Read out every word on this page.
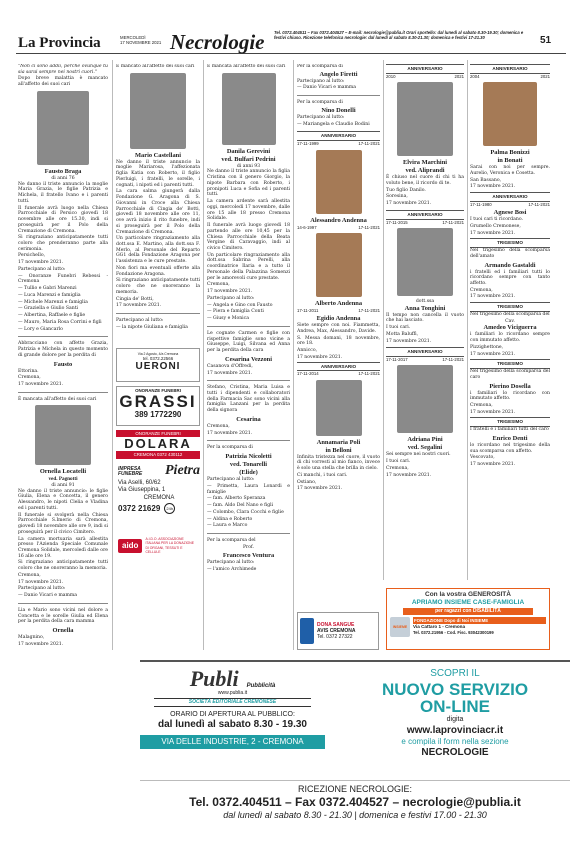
La Provincia	MERCOLEDÌ
17 NOVEMBRE 2021 Necrologie Tel. 0372.404511 – Fax 0372.404527 – E-mail: necrologie@publia.it Orari sportello: dal lunedì al sabato 8.30-19.30; domenica e festivi chiuso. Ricezione telefonica necrologie: dal lunedì al sabato 8.30-21.30; domenica e festivi 17-21.30	51

"Non ci sono addii, perché ovunque tu sia sarai sempre nei nostri cuori."

Dopo breve malattia è mancato all'affetto dei suoi cari

Fausto Braga
di anni 76

Ne danno il triste annuncio la moglie Maria Grazia, le figlie Patrizia e Michela, il fratello Ivano e i parenti tutti.

Il funerale avrà luogo nella Chiesa Parrocchiale di Persico giovedì 18 novembre alle ore 15.30, indi si proseguirà per il Polo della Cremazione di Cremona.

Si ringraziano anticipatamente tutti coloro che prenderanno parte alla cerimonia.

Persichello,

17 novembre 2021.

Partecipano al lutto:

— Onoranze Funebri Rebessi - Cremona

— Tullio e Gabri Marenzi

— Luca Marenzi e famiglia

— Michele Marenzi e famiglia

— Graziella e Giulio Santi

— Albertina, Raffaele e figlie

— Mauro, Maria Rosa Corrini e figli

— Lory e Giancarlo

Abbracciano con affetto Grazia, Patrizia e Michela in questo momento di grande dolore per la perdita di

Fausto

Ettorina.

Cremona,

17 novembre 2021.

È mancata all'affetto dei suoi cari

Ornella Locatelli
ved. Pagnotti
di anni 91

Ne danno il triste annuncio: le figlie Giulia, Elena e Concetta, il genero Alessandro, le nipoti Clelia e Vladina ed i parenti tutti.

Il funerale si svolgerà nella Chiesa Parrocchiale S.Imerio di Cremona, giovedì 18 novembre alle ore 9, indi si proseguirà per il civico Cimitero.

La camera mortuaria sarà allestita presso l'Azienda Speciale Comunale Cremona Solidale, mercoledì dalle ore 16 alle ore 19.

Si ringraziano anticipatamente tutti coloro che ne onoreranno la memoria.

Cremona,

17 novembre 2021.

Partecipano al lutto:

— Danio Vicari e mamma

Lia e Mario sono vicini nel dolore a Concetta e le sorelle Giulia ed Elena per la perdita della cara mamma

Ornella

Malagnino,

17 novembre 2021.

È mancato all'affetto dei suoi cari

Mario Castellani

Ne danno il triste annuncio la moglie Mariarosa, l'affezionata figlia Katia con Roberto, il figlio Pierluigi, i fratelli, le sorelle, i cognati, i nipoti ed i parenti tutti.

La cara salma giungerà dalla Fondazione G. Aragona di S. Giovanni in Croce alla Chiesa Parrocchiale di Cingia de' Botti, giovedì 18 novembre alle ore 11, ove avrà inizio il rito funebre, indi si proseguirà per il Polo della Cremazione di Cremona.

Un particolare ringraziamento alla dott.ssa E. Martino, alla dott.ssa F. Merlo, al Personale del Reparto GG1 della Fondazione Aragona per l'assistenza e le cure prestate.

Non fiori ma eventuali offerte alla Fondazione Aragona.

Si ringraziano anticipatamente tutti coloro che ne onoreranno la memoria.

Cingia de' Botti,

17 novembre 2021.

Partecipano al lutto:

— la nipote Giuliana e famiglia

Via 2 Agosto, 4/a Cremona
tel. 0372.22566
UERONI
ONORANZE FUNEBRI
GRASSI
389 1772290
ONORANZE FUNEBRI
DOLARA
CREMONA 0372 430112
IMPRESA FUNEBRE	Pietra
Via Aselli, 60/62
Via Giuseppina, 1
CREMONA
0372 21629	24h
aido
A.I.D.O. ASSOCIAZIONE ITALIANA PER LA DONAZIONE DI ORGANI, TESSUTI E CELLULE

È mancata all'affetto dei suoi cari

Danila Gerevini
ved. Bulfari Pedrini
di anni 93

Ne danno il triste annuncio la figlia Cristina con il genero Giorgio, la nipote Barbara con Roberto, i pronipoti Luca e Sofia ed i parenti tutti.

La camera ardente sarà allestita oggi, mercoledì 17 novembre, dalle ore 15 alle 18 presso Cremona Solidale.

Il funerale avrà luogo giovedì 18 partendo alle ore 10,45 per la Chiesa Parrocchiale della Beata Vergine di Caravaggio, indi al civico Cimitero.

Un particolare ringraziamento alla dott.ssa Sabrina Perelli, alla coordinatrice Ilaria e a tutto il Personale della Palazzina Somenzi per le amorevoli cure prestate.

Cremona,

17 novembre 2021.

Partecipano al lutto:

— Angela e Gino con Fausto

— Piera e famiglia Conti

— Giusy e Monica

Le cognate Carmen e figlie con rispettive famiglie sono vicine a Giuseppe, Luigi, Silvana ed Anna per la perdita della cara

Cesarina Vezzoni

Casanova d'Offredi,

17 novembre 2021.

Stefano, Cristina, Maria Luisa e tutti i dipendenti e collaboratori della Farmacia Sac sono vicini alla famiglia Lanzani per la perdita della signora

Cesarina

Cremona,

17 novembre 2021.

Per la scomparsa di

Patrizia Nicoletti
ved. Tonarelli
(Elide)

Partecipano al lutto:

— Primetta, Laura Lonardi e famiglie

— fam. Alberto Speranza

— fam. Aldo Del Nano e figli

— Colombo, Clara Cocchi e figlie

— Aldina e Roberto

— Laura e Marco

Per la scomparsa del

Prof.
Francesco Ventura

Partecipano al lutto:

— l'amico Archimede

Per la scomparsa di

Angelo Firetti

Partecipano al lutto:

— Danio Vicari e mamma

Per la scomparsa di

Nino Donelli

Partecipano al lutto:

— Mariangela e Claudio Bodini

ANNIVERSARIO
17-11-1999	17-11-2021
Alessandro Andenna
14-6-1997	17-11-2021
Alberto Andenna
17-11-2011	17-11-2021
Egidio Andenna

Siete sempre con noi. Fiammetta, Andrea, Max, Alessandro, Davide.

S. Messa domani, 18 novembre, ore 18.

Annicco,

17 novembre 2021.

ANNIVERSARIO
17-11-2014	17-11-2021
Annamaria Poli
in Belloni

Infinita tristezza nel cuore, il vuoto di chi vorresti al mio fianco, invece è solo una stella che brilla in cielo.

Ci manchi, i tuoi cari.

Ostiano,

17 novembre 2021.

DONA SANGUE
AVIS CREMONA
Tel. 0372 27322
ANNIVERSARIO
2010	2021
Elvira Marchini
ved. Aliprandi

È chiuso nel cuore di chi ti ha voluto bene, il ricordo di te.

Tuo figlio Danilo.

Soresina,

17 novembre 2021.

ANNIVERSARIO
17-11-2015	17-11-2021
dott.ssa
Anna Tonghini

Il tempo non cancella il vuoto che hai lasciato.

I tuoi cari.

Motta Baluffi,

17 novembre 2021.

ANNIVERSARIO
17-11-2017	17-11-2021
Adriana Pini
ved. Segalini

Sei sempre nei nostri cuori.

I tuoi cari.

Cremona,

17 novembre 2021.

ANNIVERSARIO
2004	2021
Palma Bonizzi
in Bonati

Sarai con noi per sempre. Aurelio, Veronica e Cosetta.

San Bassano,

17 novembre 2021.

ANNIVERSARIO
17-11-1980	17-11-2021
Agnese Bosi

I tuoi cari ti ricordano.

Grumello Cremonese,

17 novembre 2021.

TRIGESIMO

Nel trigesimo della scomparsa dell'amato

Armando Gastaldi

i fratelli ed i familiari tutti lo ricordano sempre con tanto affetto.

Cremona,

17 novembre 2021.

TRIGESIMO

Nel trigesimo della scomparsa del

Cav.
Amedeo Viciguerra

i familiari lo ricordano sempre con immutato affetto.

Pizzighettone,

17 novembre 2021.

TRIGESIMO

Nel trigesimo della scomparsa del caro

Pierino Dosella

i familiari lo ricordano con immutato affetto.

Cremona,

17 novembre 2021.

TRIGESIMO

I fratelli e i familiari tutti del caro

Enrico Denti

lo ricordano nel trigesimo della sua scomparsa con affetto.

Vescovato,

17 novembre 2021.

Con la vostra GENEROSITÀ
APRIAMO INSIEME CASE-FAMIGLIA
per ragazzi con DISABILITÀ
INSIEME
FONDAZIONE Dopo di Noi INSIEME
Via Cattaro 1 - Cremona
Tel. 0372.21956 - Cod. Fisc. 93042300199
Publi Pubblicità
www.publia.it
SOCIETÀ EDITORIALE CREMONESE
ORARIO DI APERTURA AL PUBBLICO:
dal lunedì al sabato 8.30 - 19.30
VIA DELLE INDUSTRIE, 2 - CREMONA
SCOPRI IL
NUOVO SERVIZIO
ON-LINE
digita
www.laprovinciacr.it
e compila il form nella sezione
NECROLOGIE
RICEZIONE NECROLOGIE:
Tel. 0372.404511 – Fax 0372.404527 – necrologie@publia.it
dal lunedì al sabato 8.30 - 21.30 | domenica e festivi 17.00 - 21.30
